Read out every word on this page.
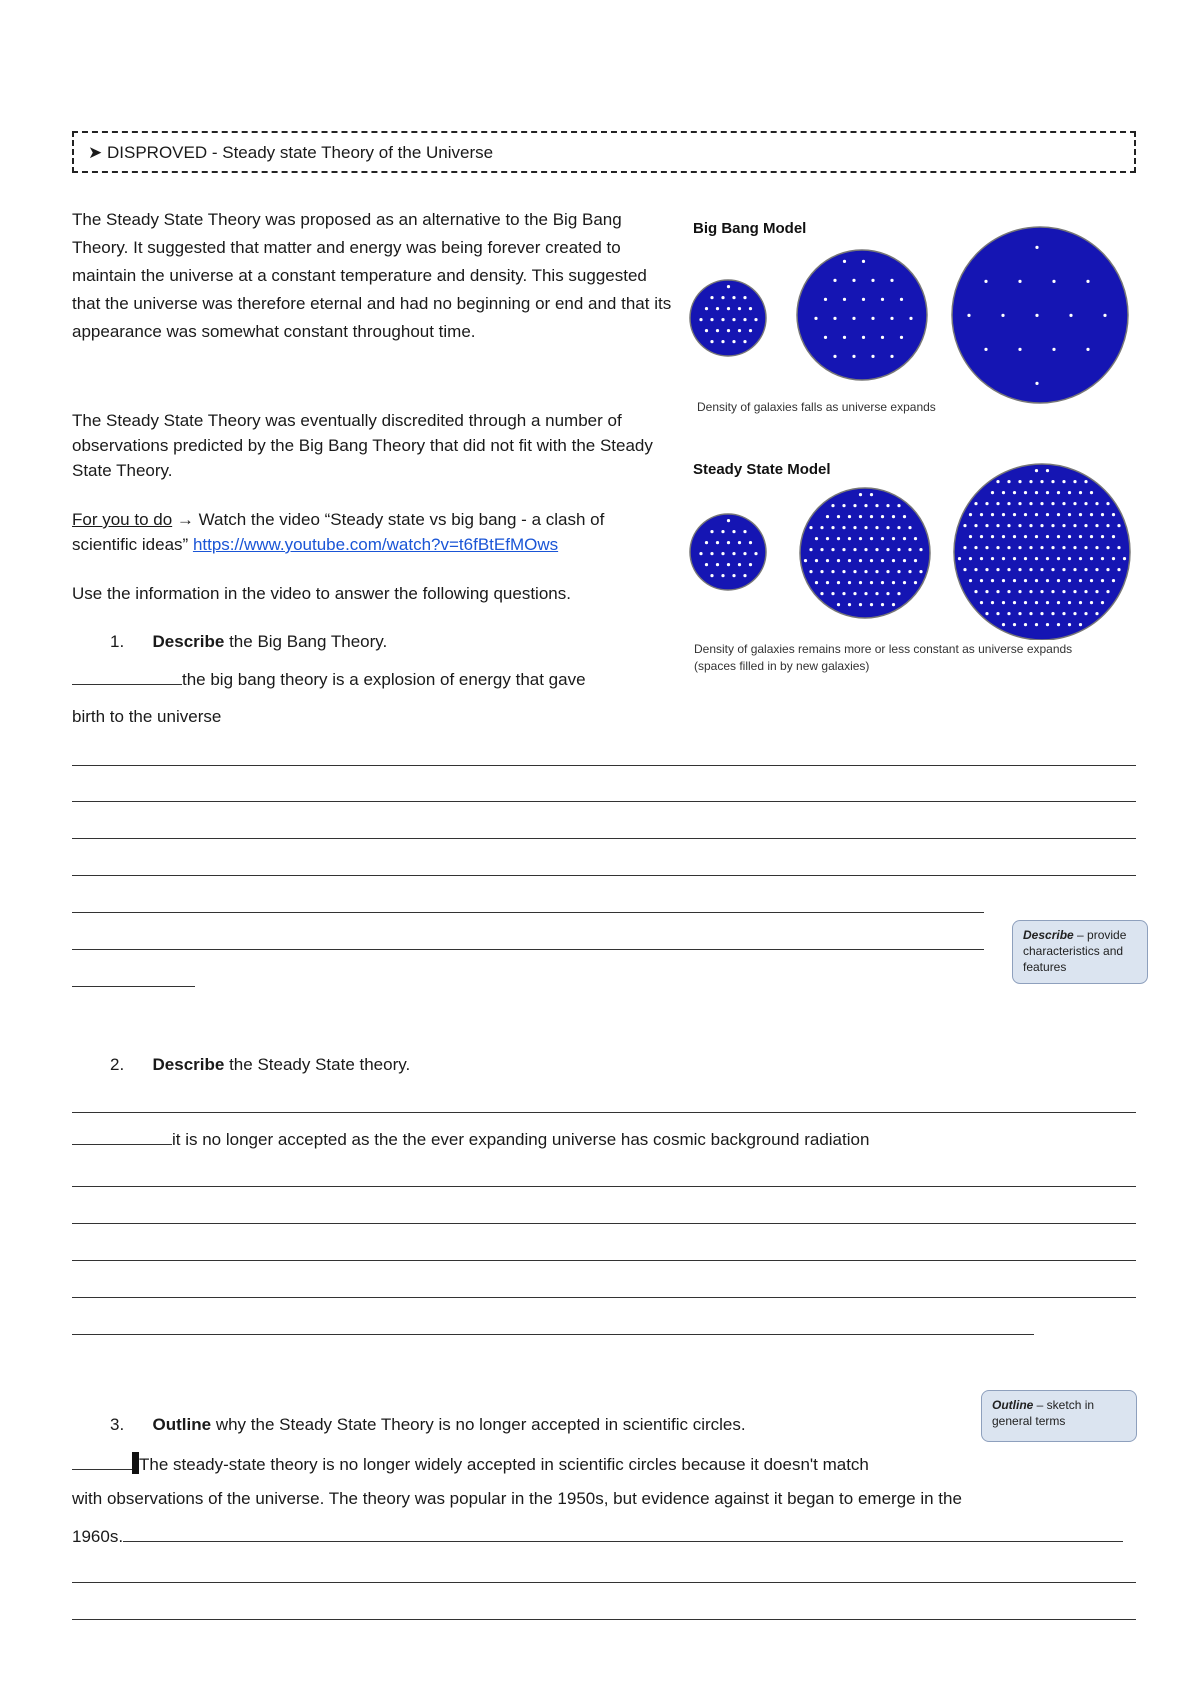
➤ DISPROVED - Steady state Theory of the Universe
The Steady State Theory was proposed as an alternative to the Big Bang Theory. It suggested that matter and energy was being forever created to maintain the universe at a constant temperature and density. This suggested that the universe was therefore eternal and had no beginning or end and that its appearance was somewhat constant throughout time.
The Steady State Theory was eventually discredited through a number of observations predicted by the Big Bang Theory that did not fit with the Steady State Theory.
For you to do → Watch the video “Steady state vs big bang - a clash of scientific ideas” https://www.youtube.com/watch?v=t6fBtEfMOws
Use the information in the video to answer the following questions.
Big Bang Model
Density of galaxies falls as universe expands
Steady State Model
Density of galaxies remains more or less constant as universe expands (spaces filled in by new galaxies)
1. Describe the Big Bang Theory.
the big bang theory is a explosion of energy that gave
birth to the universe
Describe – provide characteristics and features
2. Describe the Steady State theory.
it is no longer accepted as the the ever expanding universe has cosmic background radiation
Outline – sketch in general terms
3. Outline why the Steady State Theory is no longer accepted in scientific circles.
The steady-state theory is no longer widely accepted in scientific circles because it doesn't match
with observations of the universe. The theory was popular in the 1950s, but evidence against it began to emerge in the
1960s.
